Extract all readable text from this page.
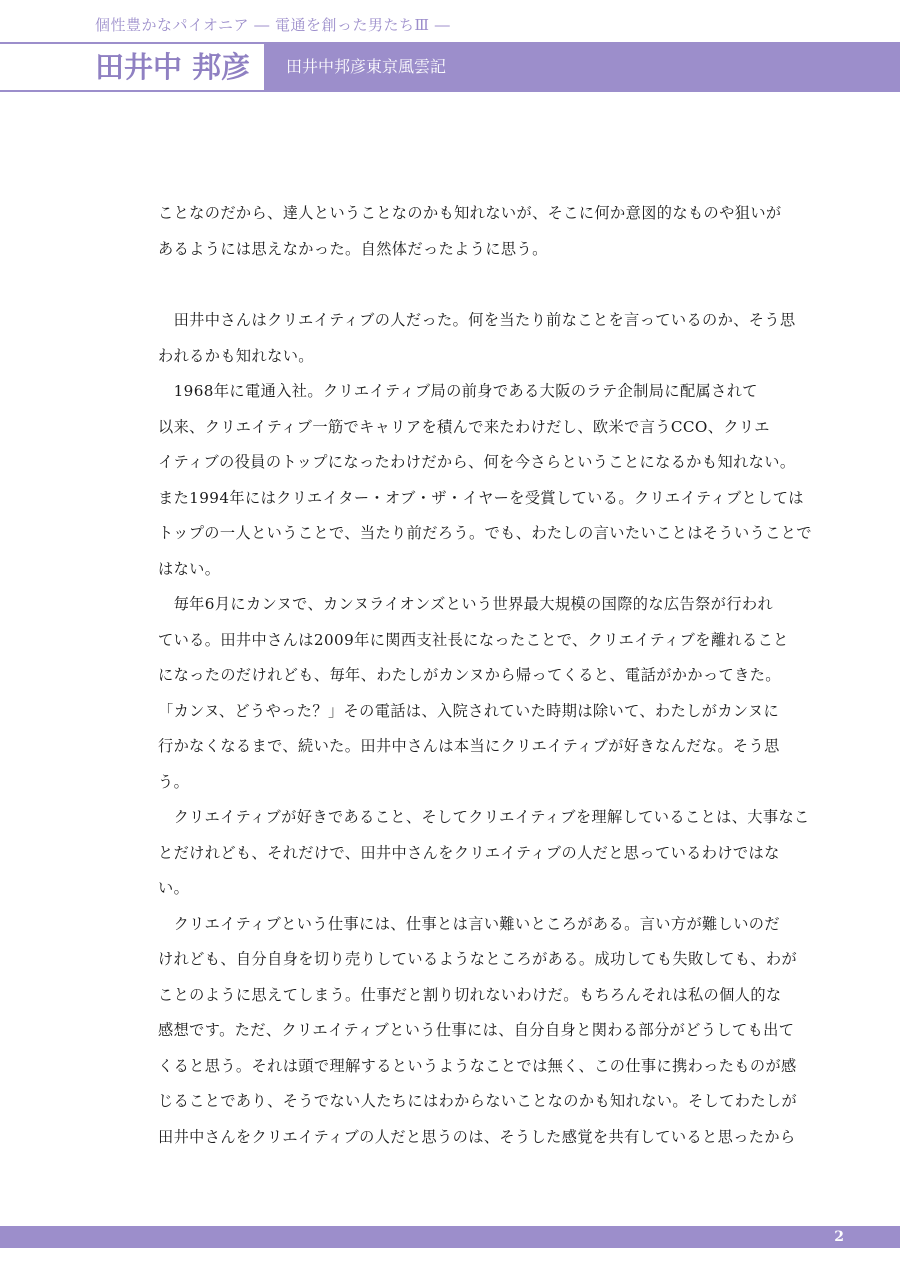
個性豊かなパイオニア ― 電通を創った男たちⅢ ―
田井中 邦彦 田井中邦彦東京風雲記

ことなのだから、達人ということなのかも知れないが、そこに何か意図的なものや狙いが

あるようには思えなかった。自然体だったように思う。

　田井中さんはクリエイティブの人だった。何を当たり前なことを言っているのか、そう思

われるかも知れない。

　1968年に電通入社。クリエイティブ局の前身である大阪のラテ企制局に配属されて

以来、クリエイティブ一筋でキャリアを積んで来たわけだし、欧米で言うCCO、クリエ

イティブの役員のトップになったわけだから、何を今さらということになるかも知れない。

また1994年にはクリエイター・オブ・ザ・イヤーを受賞している。クリエイティブとしては

トップの一人ということで、当たり前だろう。でも、わたしの言いたいことはそういうことで

はない。

　毎年6月にカンヌで、カンヌライオンズという世界最大規模の国際的な広告祭が行われ

ている。田井中さんは2009年に関西支社長になったことで、クリエイティブを離れること

になったのだけれども、毎年、わたしがカンヌから帰ってくると、電話がかかってきた。

「カンヌ、どうやった？」その電話は、入院されていた時期は除いて、わたしがカンヌに

行かなくなるまで、続いた。田井中さんは本当にクリエイティブが好きなんだな。そう思

う。

　クリエイティブが好きであること、そしてクリエイティブを理解していることは、大事なこ

とだけれども、それだけで、田井中さんをクリエイティブの人だと思っているわけではな

い。

　クリエイティブという仕事には、仕事とは言い難いところがある。言い方が難しいのだ

けれども、自分自身を切り売りしているようなところがある。成功しても失敗しても、わが

ことのように思えてしまう。仕事だと割り切れないわけだ。もちろんそれは私の個人的な

感想です。ただ、クリエイティブという仕事には、自分自身と関わる部分がどうしても出て

くると思う。それは頭で理解するというようなことでは無く、この仕事に携わったものが感

じることであり、そうでない人たちにはわからないことなのかも知れない。そしてわたしが

田井中さんをクリエイティブの人だと思うのは、そうした感覚を共有していると思ったから

2
